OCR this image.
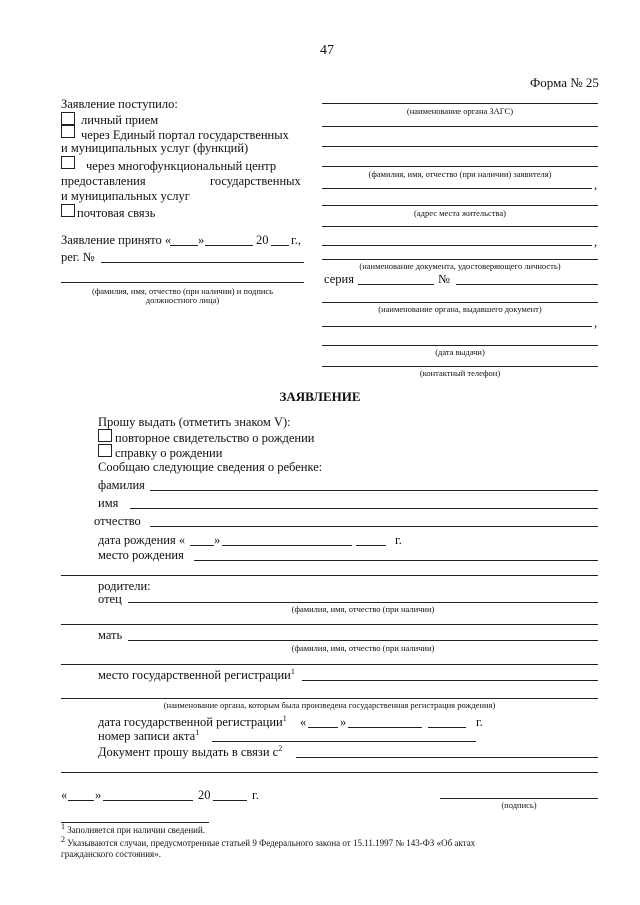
47
Форма № 25
Заявление поступило:
личный прием
через Единый портал государственных
и муниципальных услуг (функций)
через многофункциональный центр
предоставления	государственных
и муниципальных услуг
почтовая связь
Заявление принято « »	20 г.,
рег. №
(фамилия, имя, отчество (при наличии) и подпись
должностного лица)
(наименование органа ЗАГС)
(фамилия, имя, отчество (при наличии) заявителя)
,
(адрес места жительства)
,
(наименование документа, удостоверяющего личность)
серия	№
(наименование органа, выдавшего документ)
,
(дата выдачи)
(контактный телефон)
ЗАЯВЛЕНИЕ
Прошу выдать (отметить знаком V):
повторное свидетельство о рождении
справку о рождении
Сообщаю следующие сведения о ребенке:
фамилия
имя
отчество
дата рождения « »	г.
место рождения
родители:
отец
(фамилия, имя, отчество (при наличии)
мать
(фамилия, имя, отчество (при наличии)
место государственной регистрации$^1$
(наименование органа, которым была произведена государственная регистрация рождения)
дата государственной регистрации$^1$ «	»	г.
номер записи акта$^1$
Документ прошу выдать в связи $с^2$
« »	20	г.
(подпись)
1 Заполняется при наличии сведений.
2 Указываются случаи, предусмотренные статьей 9 Федерального закона от 15.11.1997 № 143-ФЗ «Об актах
гражданского состояния».
